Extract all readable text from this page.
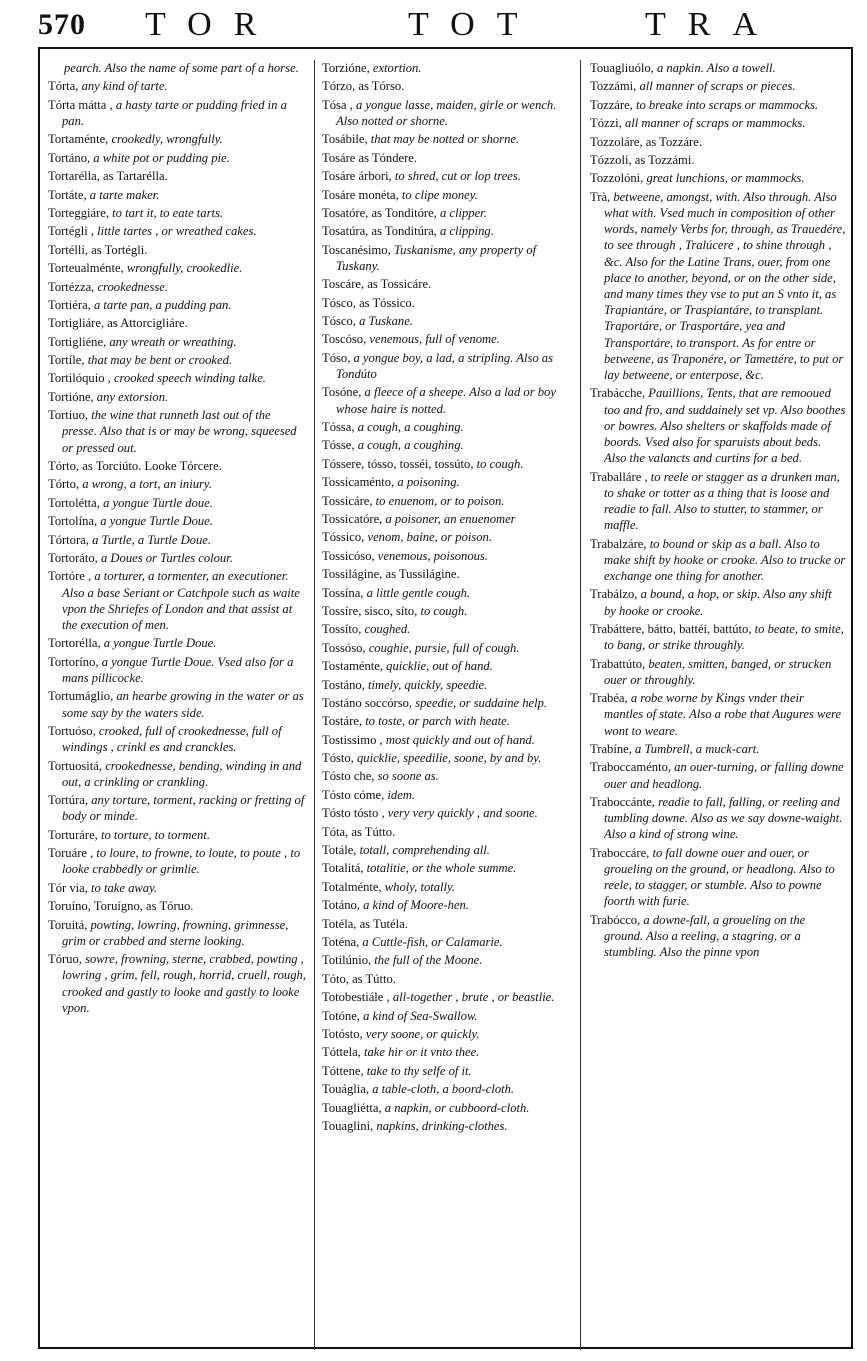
570 TOR	TOT	TRA
pearch. Also the name of some part of a horse.
Tórta, any kind of tarte.
Tórta mátta , a hasty tarte or pudding fried in a pan.
Tortaménte, crookedly, wrongfully.
Tortáno, a white pot or pudding pie.
Tortarélla, as Tartarélla.
Tortáte, a tarte maker.
Torteggiáre, to tart it, to eate tarts.
Tortégli , little tartes , or wreathed cakes.
Tortélli, as Tortégli.
Torteualménte, wrongfully, crookedlie.
Tortézza, crookednesse.
Tortiéra, a tarte pan, a pudding pan.
Tortigliáre, as Attorcigliáre.
Tortigliéne, any wreath or wreathing.
Tortíle, that may be bent or crooked.
Tortilóquio , crooked speech winding talke.
Tortióne, any extorsion.
Tortiuo, the wine that runneth last out of the presse. Also that is or may be wrong, squeesed or pressed out.
Tórto, as Torciúto. Looke Tórcere.
Tórto, a wrong, a tort, an iniury.
Tortolétta, a yongue Turtle doue.
Tortolína, a yongue Turtle Doue.
Tórtora, a Turtle, a Turtle Doue.
Tortoráto, a Doues or Turtles colour.
Tortóre , a torturer, a tormenter, an executioner. Also a base Seriant or Catchpole such as waite vpon the Shriefes of London and that assist at the execution of men.
Tortorélla, a yongue Turtle Doue.
Tortoríno, a yongue Turtle Doue. Vsed also for a mans pillicocke.
Tortumáglio, an hearbe growing in the water or as some say by the waters side.
Tortuóso, crooked, full of crookednesse, full of windings , crinkl es and cranckles.
Tortuositá, crookednesse, bending, winding in and out, a crinkling or crankling.
Tortúra, any torture, torment, racking or fretting of body or minde.
Torturáre, to torture, to torment.
Toruáre , to loure, to frowne, to loute, to poute , to looke crabbedly or grimlie.
Tór via, to take away.
Toruíno, Toruígno, as Tóruo.
Toruitá, powting, lowring, frowning, grimnesse, grim or crabbed and sterne looking.
Tóruo, sowre, frowning, sterne, crabbed, powting , lowring , grim, fell, rough, horrid, cruell, rough, crooked and gastly to looke and gastly to looke vpon.
Torzióne, extortion.
Tórzo, as Tórso.
Tósa , a yongue lasse, maiden, girle or wench. Also notted or shorne.
Tosábile, that may be notted or shorne.
Tosáre as Tóndere.
Tosáre árbori, to shred, cut or lop trees.
Tosáre monéta, to clipe money.
Tosatóre, as Tonditóre, a clipper.
Tosatúra, as Tonditúra, a clipping.
Toscanésimo, Tuskanisme, any property of Tuskany.
Toscáre, as Tossicáre.
Tósco, as Tóssico.
Tósco, a Tuskane.
Toscóso, venemous, full of venome.
Tóso, a yongue boy, a lad, a stripling. Also as Tondúto
Tosóne, a fleece of a sheepe. Also a lad or boy whose haire is notted.
Tóssa, a cough, a coughing.
Tósse, a cough, a coughing.
Tóssere, tósso, tosséi, tossúto, to cough.
Tossicaménto, a poisoning.
Tossicáre, to enuenom, or to poison.
Tossicatóre, a poisoner, an enuenomer
Tóssico, venom, baine, or poison.
Tossicóso, venemous, poisonous.
Tossilágine, as Tussilágine.
Tossína, a little gentle cough.
Tossíre, sisco, síto, to cough.
Tossíto, coughed.
Tossóso, coughie, pursie, full of cough.
Tostaménte, quicklie, out of hand.
Tostáno, timely, quickly, speedie.
Tostáno soccórso, speedie, or suddaine help.
Tostáre, to toste, or parch with heate.
Tostissimo , most quickly and out of hand.
Tósto, quicklie, speedilie, soone, by and by.
Tósto che, so soone as.
Tósto cóme, idem.
Tósto tósto , very very quickly , and soone.
Tóta, as Tútto.
Totále, totall, comprehending all.
Totalitá, totalitie, or the whole summe.
Totalménte, wholy, totally.
Totáno, a kind of Moore-hen.
Totéla, as Tutéla.
Toténa, a Cuttle-fish, or Calamarie.
Totilúnio, the full of the Moone.
Tóto, as Tútto.
Totobestiále , all-together , brute , or beastlie.
Totóne, a kind of Sea-Swallow.
Totósto, very soone, or quickly.
Tóttela, take hir or it vnto thee.
Tóttene, take to thy selfe of it.
Touáglia, a table-cloth, a boord-cloth.
Touagliétta, a napkin, or cubboord-cloth.
Touaglini, napkins, drinking-clothes.
Touagliuólo, a napkin. Also a towell.
Tozzámi, all manner of scraps or pieces.
Tozzáre, to breake into scraps or mammocks.
Tózzi, all manner of scraps or mammocks.
Tozzoláre, as Tozzáre.
Tózzoli, as Tozzámi.
Tozzolóni, great lunchions, or mammocks.
Trà, betweene, amongst, with. Also through. Also what with. Vsed much in composition of other words, namely Verbs for, through, as Trauedére, to see through , Tralúcere , to shine through , &c. Also for the Latine Trans, ouer, from one place to another, beyond, or on the other side, and many times they vse to put an S vnto it, as Trapiantáre, or Traspiantáre, to transplant. Traportáre, or Trasportáre, yea and Transportáre, to transport. As for entre or betweene, as Traponére, or Tamettére, to put or lay betweene, or enterpose, &c.
Trabácche, Pauillions, Tents, that are remooued too and fro, and suddainely set vp. Also boothes or bowres. Also shelters or skaffolds made of boords. Vsed also for sparuists about beds. Also the valancts and curtins for a bed.
Traballáre , to reele or stagger as a drunken man, to shake or totter as a thing that is loose and readie to fall. Also to stutter, to stammer, or maffle.
Trabalzáre, to bound or skip as a ball. Also to make shift by hooke or crooke. Also to trucke or exchange one thing for another.
Trabálzo, a bound, a hop, or skip. Also any shift by hooke or crooke.
Trabáttere, bátto, battéi, battúto, to beate, to smite, to bang, or strike throughly.
Trabattúto, beaten, smitten, banged, or strucken ouer or throughly.
Trabéa, a robe worne by Kings vnder their mantles of state. Also a robe that Augures were wont to weare.
Trabíne, a Tumbrell, a muck-cart.
Traboccaménto, an ouer-turning, or falling downe ouer and headlong.
Traboccánte, readie to fall, falling, or reeling and tumbling downe. Also as we say downe-waight. Also a kind of strong wine.
Traboccáre, to fall downe ouer and ouer, or groueling on the ground, or headlong. Also to reele, to stagger, or stumble. Also to powne foorth with furie.
Trabócco, a downe-fall, a groueling on the ground. Also a reeling, a stagring, or a stumbling. Also the pinne vpon
